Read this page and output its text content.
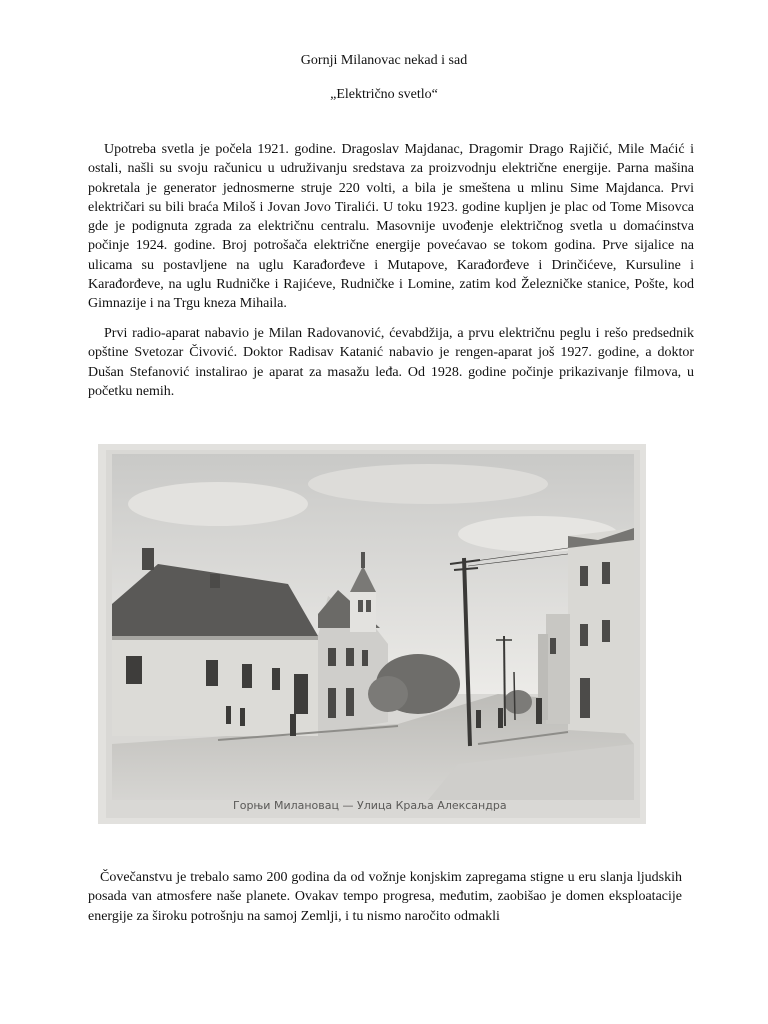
Gornji Milanovac nekad i sad
„Električno svetlo“

Upotreba svetla je počela 1921. godine. Dragoslav Majdanac, Dragomir Drago Rajičić, Mile Maćić i ostali, našli su svoju računicu u udruživanju sredstava za proizvodnju električne energije. Parna mašina pokretala je generator jednosmerne struje 220 volti, a bila je smeštena u mlinu Sime Majdanca. Prvi električari su bili braća Miloš i Jovan Jovo Tiralići. U toku 1923. godine kupljen je plac od Tome Misovca gde je podignuta zgrada za električnu centralu. Masovnije uvođenje električnog svetla u domaćinstva počinje 1924. godine. Broj potrošača električne energije povećavao se tokom godina. Prve sijalice na ulicama su postavljene na uglu Karađorđeve i Mutapove, Karađorđeve i Drinčićeve, Kursuline i Karađorđeve, na uglu Rudničke i Rajićeve, Rudničke i Lomine, zatim kod Železničke stanice, Pošte, kod Gimnazije i na Trgu kneza Mihaila.

Prvi radio-aparat nabavio je Milan Radovanović, ćevabdžija, a prvu električnu peglu i rešo predsednik opštine Svetozar Čivović. Doktor Radisav Katanić nabavio je rengen-aparat još 1927. godine, a doktor Dušan Stefanović instalirao je aparat za masažu leđa. Od 1928. godine počinje prikazivanje filmova, u početku nemih.

Горњи Милановац — Улица Краља Александра

Čovečanstvu je trebalo samo 200 godina da od vožnje konjskim zapregama stigne u eru slanja ljudskih posada van atmosfere naše planete. Ovakav tempo progresa, međutim, zaobišao je domen eksploatacije energije za široku potrošnju na samoj Zemlji, i tu nismo naročito odmakli
